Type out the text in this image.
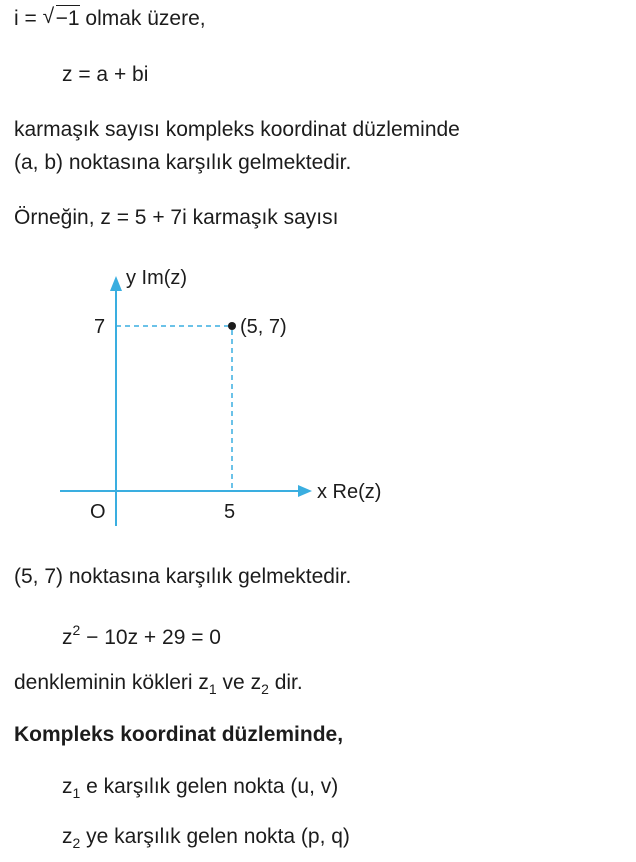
i = √ −1 olmak üzere,
z = a + bi
karmaşık sayısı kompleks koordinat düzleminde
(a, b) noktasına karşılık gelmektedir.
Örneğin, z = 5 + 7i karmaşık sayısı
y Im(z)
x Re(z)
O	5
7	(5, 7)
(5, 7) noktasına karşılık gelmektedir.
$z^2 - 10z + 29 = 0$
denkleminin kökleri $z_1$ ve $z_2$ dir.
Kompleks koordinat düzleminde,
$z_1$ e karşılık gelen nokta (u, v)
$z_2$ ye karşılık gelen nokta (p, q)
